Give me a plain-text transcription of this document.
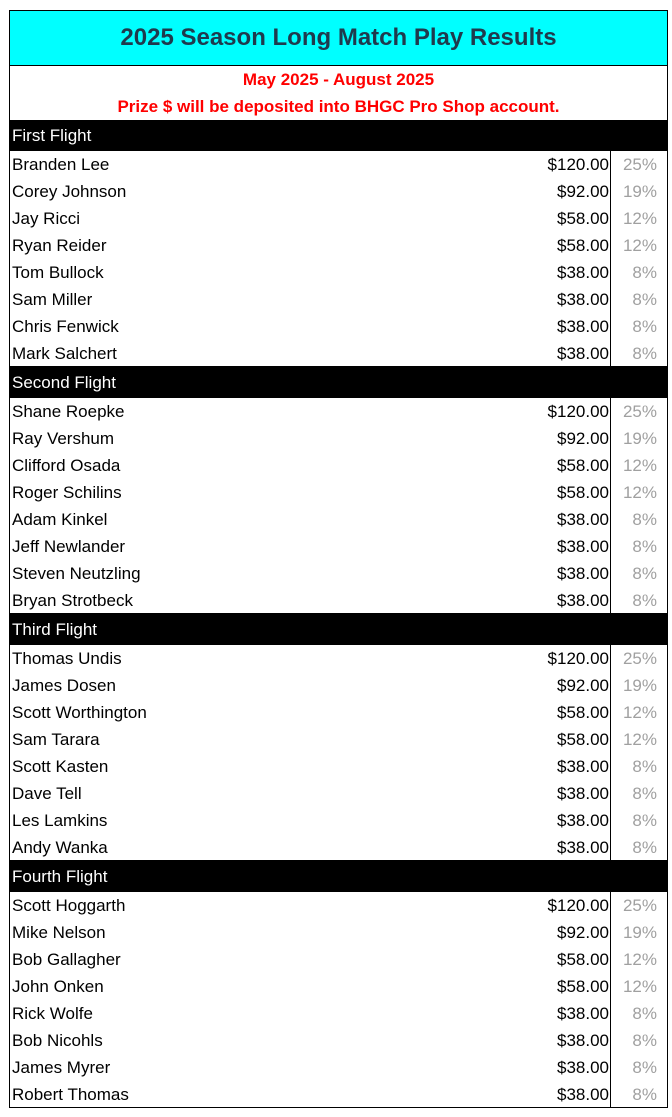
2025 Season Long Match Play Results
May 2025 - August 2025
Prize $ will be deposited into BHGC Pro Shop account.
First Flight
Branden Lee	$120.00 25%
Corey Johnson	$92.00 19%
Jay Ricci	$58.00 12%
Ryan Reider	$58.00 12%
Tom Bullock	$38.00	8%
Sam Miller	$38.00	8%
Chris Fenwick	$38.00	8%
Mark Salchert	$38.00	8%
Second Flight
Shane Roepke	$120.00 25%
Ray Vershum	$92.00 19%
Clifford Osada	$58.00 12%
Roger Schilins	$58.00 12%
Adam Kinkel	$38.00	8%
Jeff Newlander	$38.00	8%
Steven Neutzling	$38.00	8%
Bryan Strotbeck	$38.00	8%
Third Flight
Thomas Undis	$120.00 25%
James Dosen	$92.00 19%
Scott Worthington	$58.00 12%
Sam Tarara	$58.00 12%
Scott Kasten	$38.00	8%
Dave Tell	$38.00	8%
Les Lamkins	$38.00	8%
Andy Wanka	$38.00	8%
Fourth Flight
Scott Hoggarth	$120.00 25%
Mike Nelson	$92.00 19%
Bob Gallagher	$58.00 12%
John Onken	$58.00 12%
Rick Wolfe	$38.00	8%
Bob Nicohls	$38.00	8%
James Myrer	$38.00	8%
Robert Thomas	$38.00	8%
